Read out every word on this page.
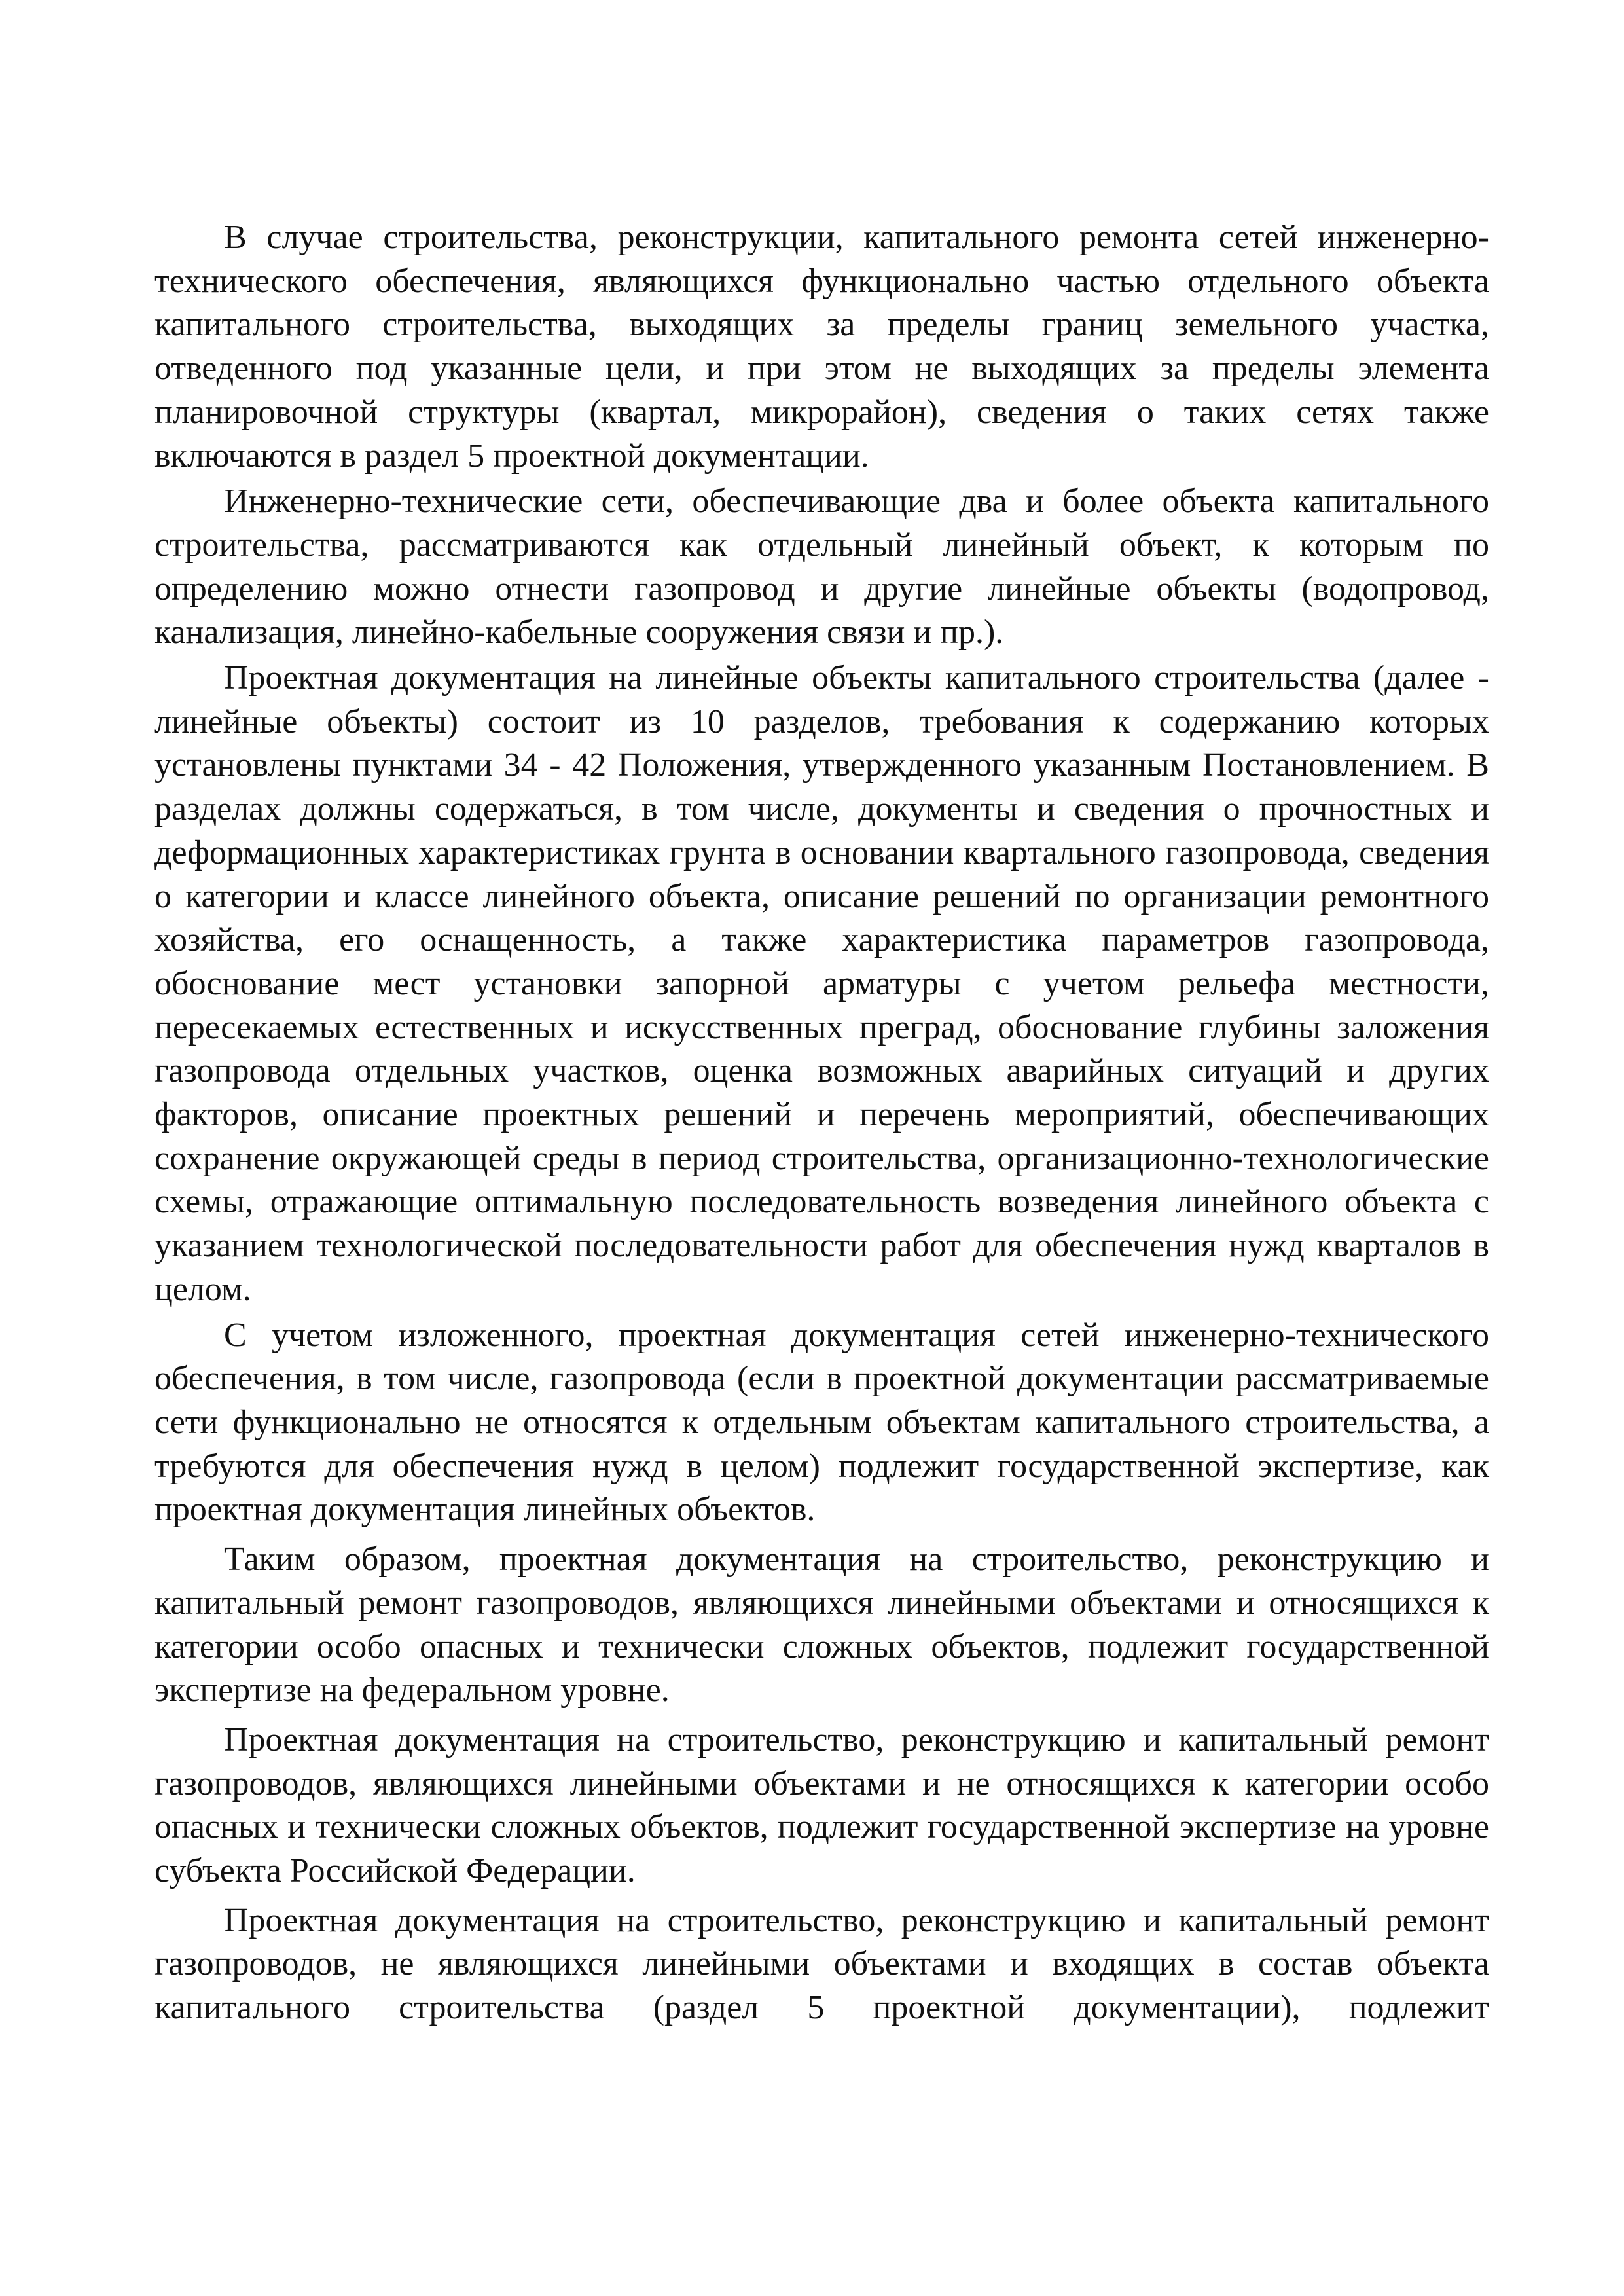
В случае строительства, реконструкции, капитального ремонта сетей инженерно-технического обеспечения, являющихся функционально частью отдельного объекта капитального строительства, выходящих за пределы границ земельного участка, отведенного под указанные цели, и при этом не выходящих за пределы элемента планировочной структуры (квартал, микрорайон), сведения о таких сетях также включаются в раздел 5 проектной документации.

Инженерно-технические сети, обеспечивающие два и более объекта капитального строительства, рассматриваются как отдельный линейный объект, к которым по определению можно отнести газопровод и другие линейные объекты (водопровод, канализация, линейно-кабельные сооружения связи и пр.).

Проектная документация на линейные объекты капитального строительства (далее - линейные объекты) состоит из 10 разделов, требования к содержанию которых установлены пунктами 34 - 42 Положения, утвержденного указанным Постановлением. В разделах должны содержаться, в том числе, документы и сведения о прочностных и деформационных характеристиках грунта в основании квартального газопровода, сведения о категории и классе линейного объекта, описание решений по организации ремонтного хозяйства, его оснащенность, а также характеристика параметров газопровода, обоснование мест установки запорной арматуры с учетом рельефа местности, пересекаемых естественных и искусственных преград, обоснование глубины заложения газопровода отдельных участков, оценка возможных аварийных ситуаций и других факторов, описание проектных решений и перечень мероприятий, обеспечивающих сохранение окружающей среды в период строительства, организационно-технологические схемы, отражающие оптимальную последовательность возведения линейного объекта с указанием технологической последовательности работ для обеспечения нужд кварталов в целом.

С учетом изложенного, проектная документация сетей инженерно-технического обеспечения, в том числе, газопровода (если в проектной документации рассматриваемые сети функционально не относятся к отдельным объектам капитального строительства, а требуются для обеспечения нужд в целом) подлежит государственной экспертизе, как проектная документация линейных объектов.

Таким образом, проектная документация на строительство, реконструкцию и капитальный ремонт газопроводов, являющихся линейными объектами и относящихся к категории особо опасных и технически сложных объектов, подлежит государственной экспертизе на федеральном уровне.

Проектная документация на строительство, реконструкцию и капитальный ремонт газопроводов, являющихся линейными объектами и не относящихся к категории особо опасных и технически сложных объектов, подлежит государственной экспертизе на уровне субъекта Российской Федерации.

Проектная документация на строительство, реконструкцию и капитальный ремонт газопроводов, не являющихся линейными объектами и входящих в состав объекта капитального строительства (раздел 5 проектной документации), подлежит
